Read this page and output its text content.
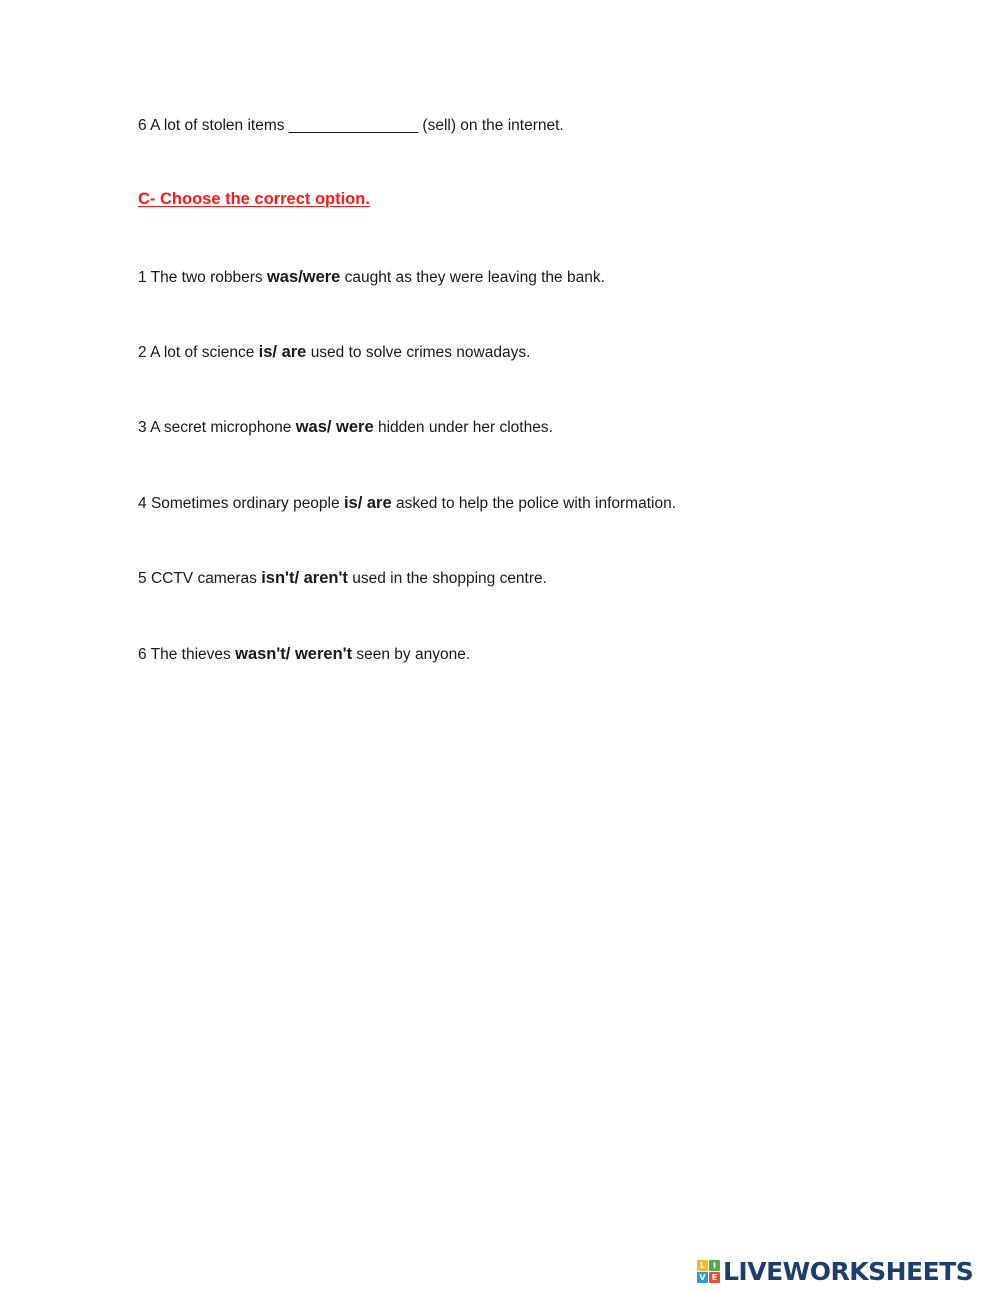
6 A lot of stolen items _______________ (sell) on the internet.
C- Choose the correct option.
1 The two robbers was/were caught as they were leaving the bank.
2 A lot of science is/ are used to solve crimes nowadays.
3 A secret microphone was/ were hidden under her clothes.
4 Sometimes ordinary people is/ are asked to help the police with information.
5 CCTV cameras isn't/ aren't used in the shopping centre.
6 The thieves wasn't/ weren't seen by anyone.
L I
V E LIVEWORKSHEETS
